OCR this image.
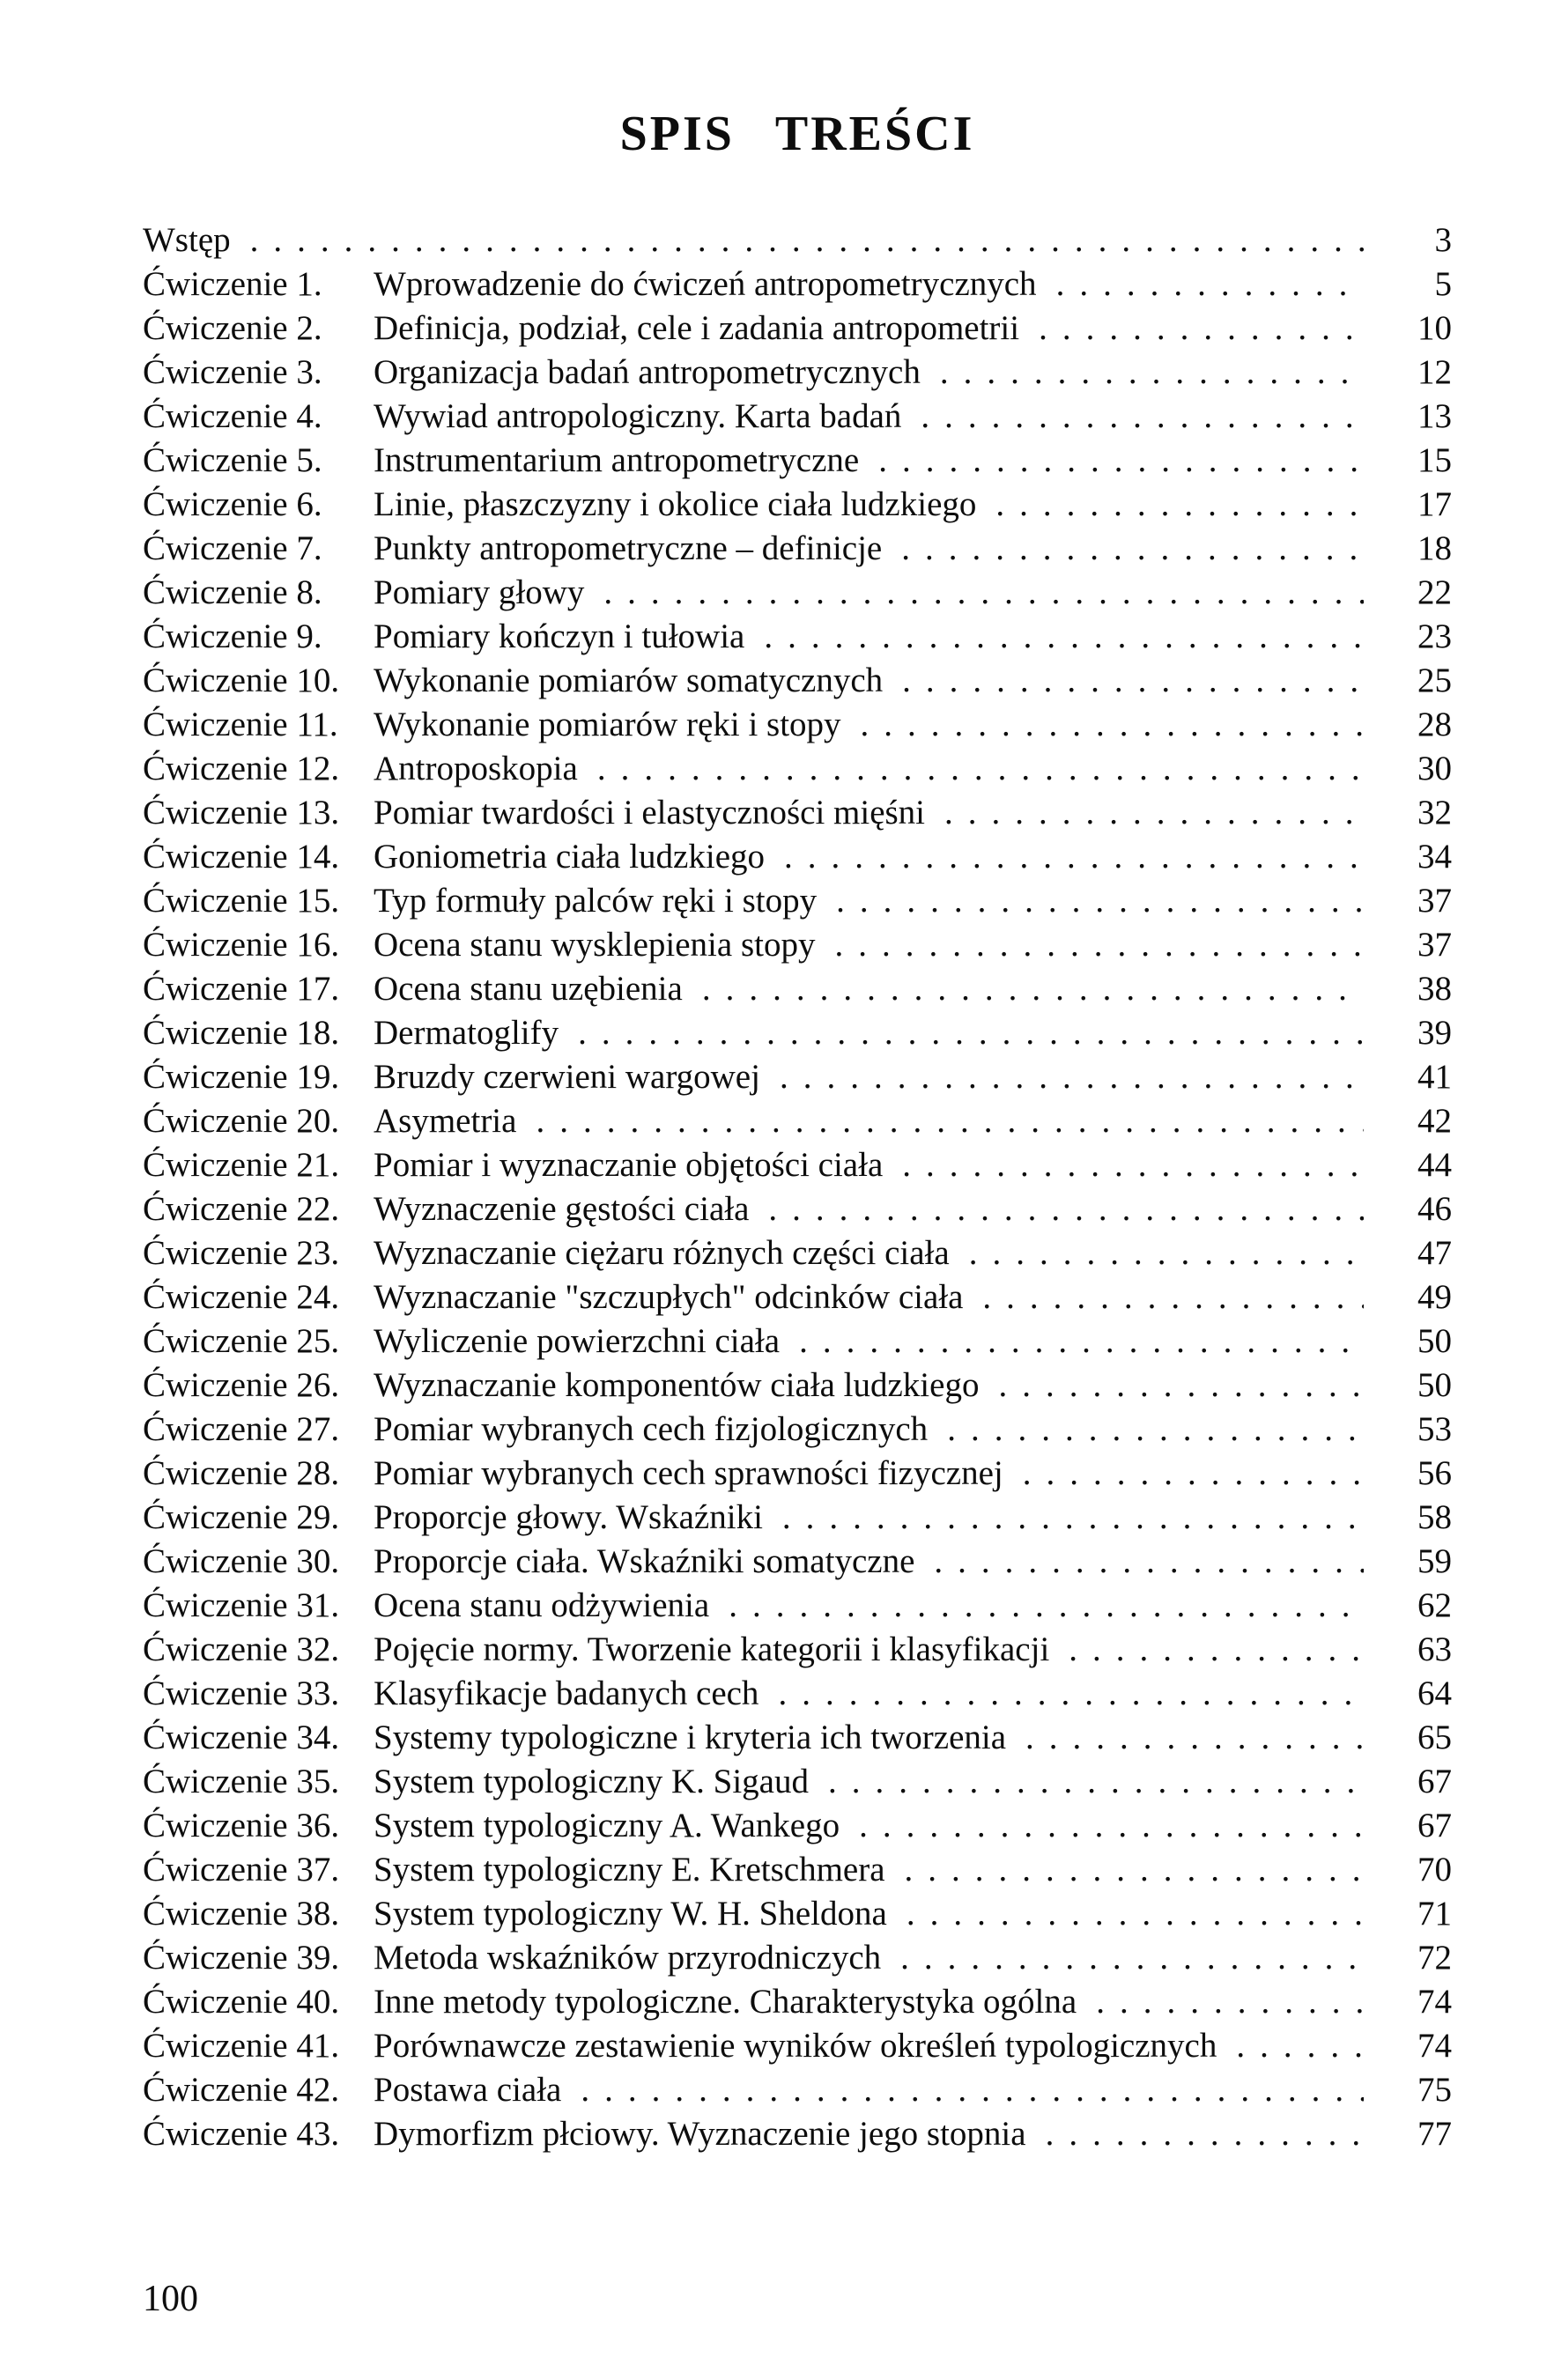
SPIS TREŚCI
Wstęp .....	3
Ćwiczenie 1.	Wprowadzenie do ćwiczeń antropometrycznych .....	5
Ćwiczenie 2.	Definicja, podział, cele i zadania antropometrii .....	10
Ćwiczenie 3.	Organizacja badań antropometrycznych .....	12
Ćwiczenie 4.	Wywiad antropologiczny. Karta badań .....	13
Ćwiczenie 5.	Instrumentarium antropometryczne .....	15
Ćwiczenie 6.	Linie, płaszczyzny i okolice ciała ludzkiego .....	17
Ćwiczenie 7.	Punkty antropometryczne – definicje .....	18
Ćwiczenie 8.	Pomiary głowy .....	22
Ćwiczenie 9.	Pomiary kończyn i tułowia .....	23
Ćwiczenie 10. Wykonanie pomiarów somatycznych .....	25
Ćwiczenie 11.	Wykonanie pomiarów ręki i stopy .....	28
Ćwiczenie 12. Antroposkopia .....	30
Ćwiczenie 13. Pomiar twardości i elastyczności mięśni .....	32
Ćwiczenie 14. Goniometria ciała ludzkiego .....	34
Ćwiczenie 15. Typ formuły palców ręki i stopy .....	37
Ćwiczenie 16. Ocena stanu wysklepienia stopy .....	37
Ćwiczenie 17. Ocena stanu uzębienia .....	38
Ćwiczenie 18. Dermatoglify .....	39
Ćwiczenie 19. Bruzdy czerwieni wargowej .....	41
Ćwiczenie 20. Asymetria .....	42
Ćwiczenie 21. Pomiar i wyznaczanie objętości ciała .....	44
Ćwiczenie 22. Wyznaczenie gęstości ciała .....	46
Ćwiczenie 23. Wyznaczanie ciężaru różnych części ciała .....	47
Ćwiczenie 24. Wyznaczanie "szczupłych" odcinków ciała .....	49
Ćwiczenie 25. Wyliczenie powierzchni ciała .....	50
Ćwiczenie 26. Wyznaczanie komponentów ciała ludzkiego .....	50
Ćwiczenie 27. Pomiar wybranych cech fizjologicznych .....	53
Ćwiczenie 28. Pomiar wybranych cech sprawności fizycznej .....	56
Ćwiczenie 29. Proporcje głowy. Wskaźniki .....	58
Ćwiczenie 30. Proporcje ciała. Wskaźniki somatyczne .....	59
Ćwiczenie 31. Ocena stanu odżywienia .....	62
Ćwiczenie 32. Pojęcie normy. Tworzenie kategorii i klasyfikacji .....	63
Ćwiczenie 33. Klasyfikacje badanych cech .....	64
Ćwiczenie 34. Systemy typologiczne i kryteria ich tworzenia .....	65
Ćwiczenie 35. System typologiczny K. Sigaud .....	67
Ćwiczenie 36. System typologiczny A. Wankego .....	67
Ćwiczenie 37. System typologiczny E. Kretschmera .....	70
Ćwiczenie 38. System typologiczny W. H. Sheldona .....	71
Ćwiczenie 39. Metoda wskaźników przyrodniczych .....	72
Ćwiczenie 40. Inne metody typologiczne. Charakterystyka ogólna .....	74
Ćwiczenie 41. Porównawcze zestawienie wyników określeń typologicznych .....	74
Ćwiczenie 42. Postawa ciała .....	75
Ćwiczenie 43. Dymorfizm płciowy. Wyznaczenie jego stopnia .....	77
100
